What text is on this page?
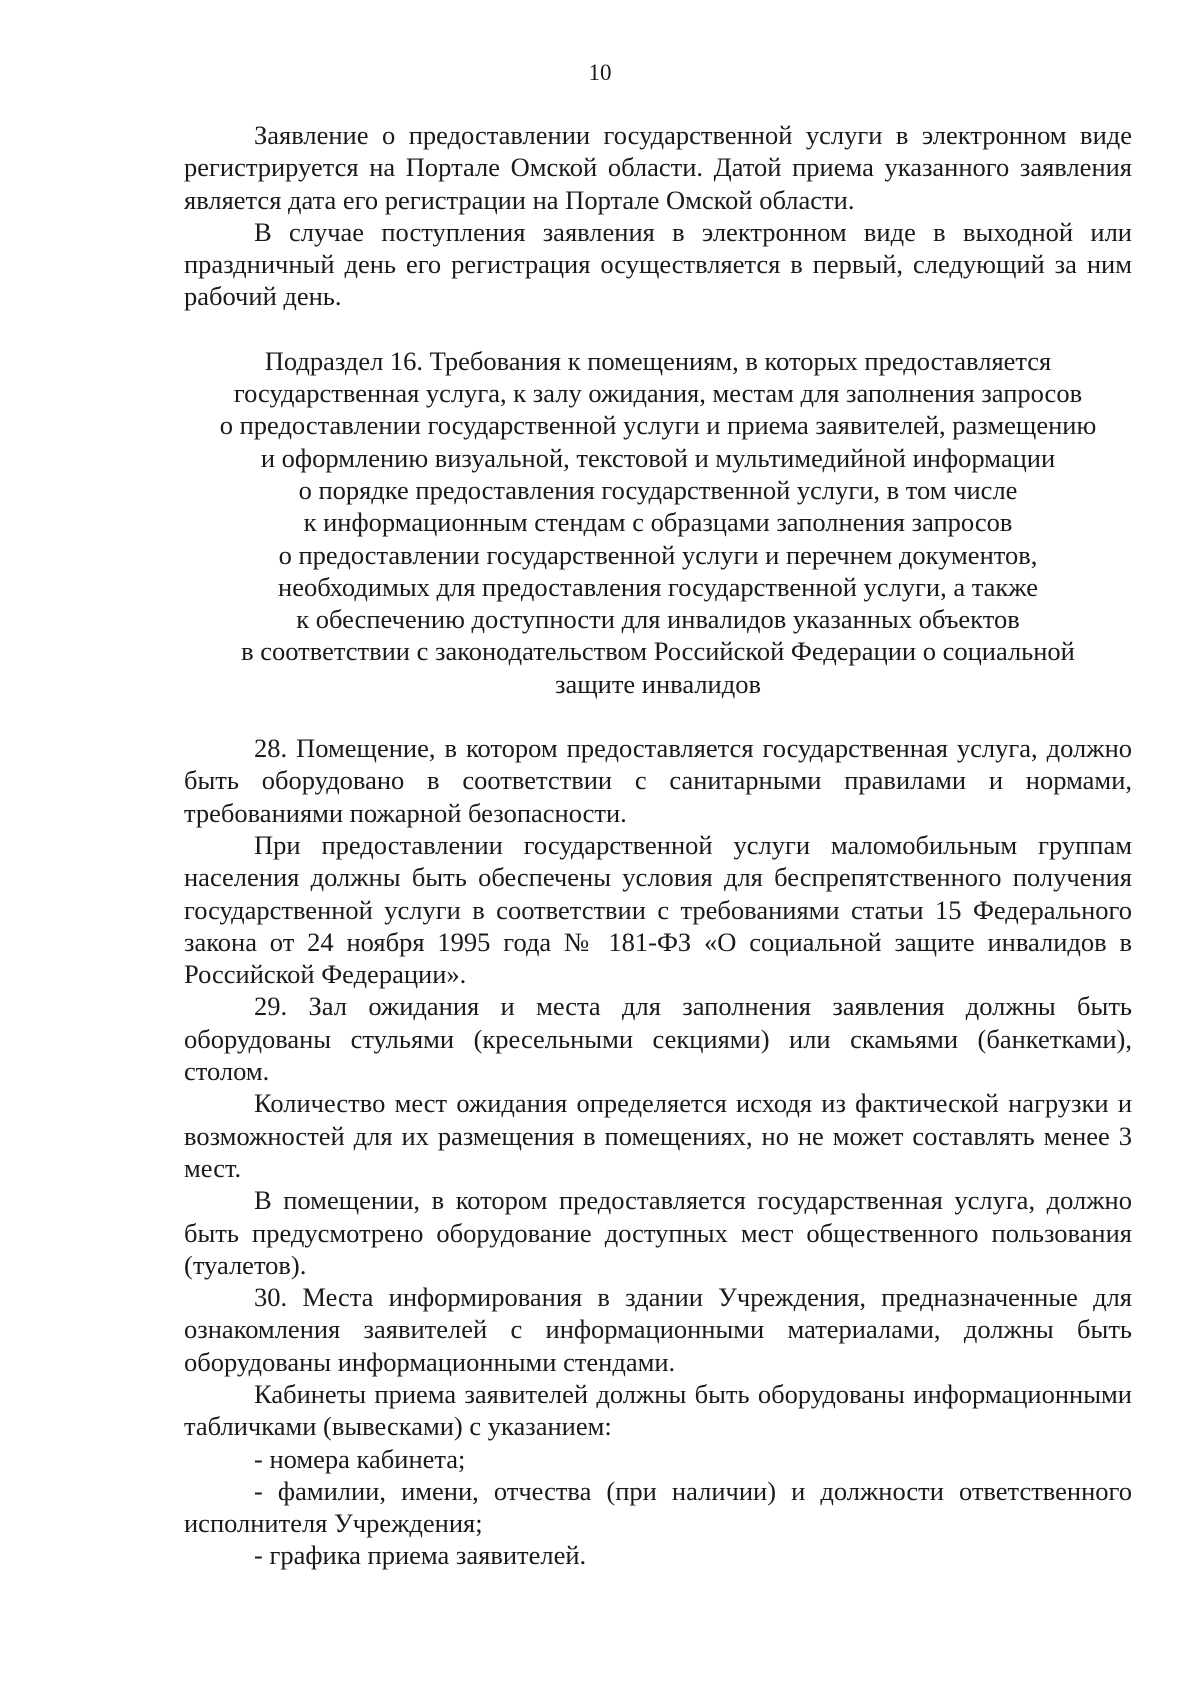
10

Заявление о предоставлении государственной услуги в электронном виде регистрируется на Портале Омской области. Датой приема указанного заявления является дата его регистрации на Портале Омской области.

В случае поступления заявления в электронном виде в выходной или праздничный день его регистрация осуществляется в первый, следующий за ним рабочий день.

Подраздел 16. Требования к помещениям, в которых предоставляется
государственная услуга, к залу ожидания, местам для заполнения запросов
о предоставлении государственной услуги и приема заявителей, размещению
и оформлению визуальной, текстовой и мультимедийной информации
о порядке предоставления государственной услуги, в том числе
к информационным стендам с образцами заполнения запросов
о предоставлении государственной услуги и перечнем документов,
необходимых для предоставления государственной услуги, а также
к обеспечению доступности для инвалидов указанных объектов
в соответствии с законодательством Российской Федерации о социальной
защите инвалидов

28. Помещение, в котором предоставляется государственная услуга, должно быть оборудовано в соответствии с санитарными правилами и нормами, требованиями пожарной безопасности.

При предоставлении государственной услуги маломобильным группам населения должны быть обеспечены условия для беспрепятственного получения государственной услуги в соответствии с требованиями статьи 15 Федерального закона от 24 ноября 1995 года № 181-ФЗ «О социальной защите инвалидов в Российской Федерации».

29. Зал ожидания и места для заполнения заявления должны быть оборудованы стульями (кресельными секциями) или скамьями (банкетками), столом.

Количество мест ожидания определяется исходя из фактической нагрузки и возможностей для их размещения в помещениях, но не может составлять менее 3 мест.

В помещении, в котором предоставляется государственная услуга, должно быть предусмотрено оборудование доступных мест общественного пользования (туалетов).

30. Места информирования в здании Учреждения, предназначенные для ознакомления заявителей с информационными материалами, должны быть оборудованы информационными стендами.

Кабинеты приема заявителей должны быть оборудованы информационными табличками (вывесками) с указанием:

- номера кабинета;

- фамилии, имени, отчества (при наличии) и должности ответственного исполнителя Учреждения;

- графика приема заявителей.
